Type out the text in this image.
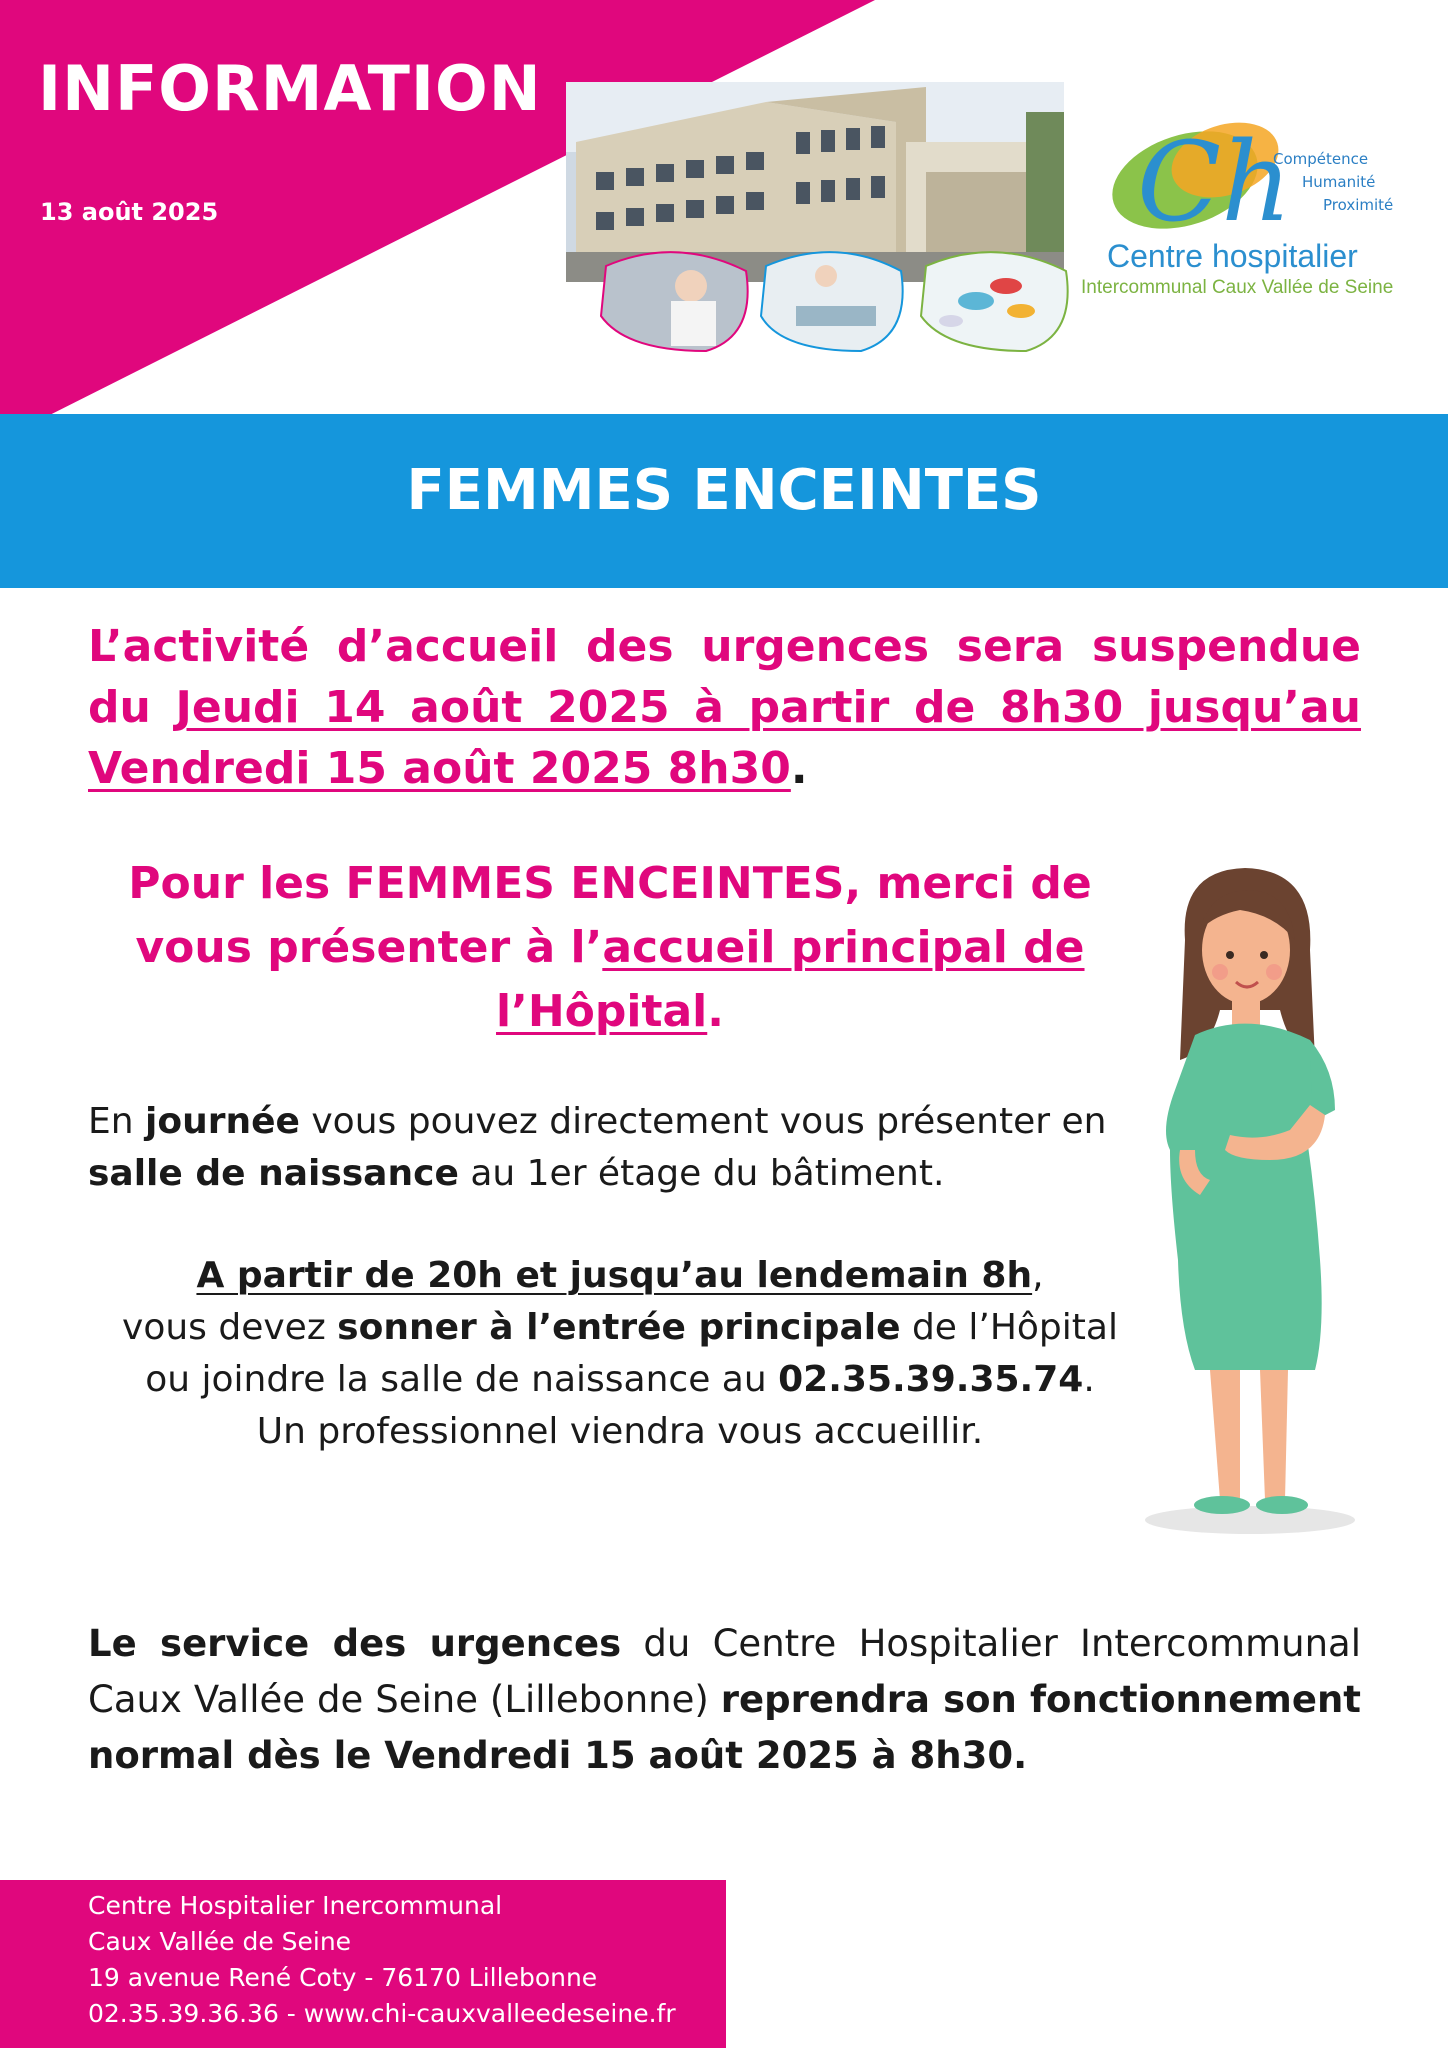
INFORMATION
13 août 2025	Ch
Compétence
Humanité
Proximité
Centre hospitalier
Intercommunal Caux Vallée de Seine
FEMMES ENCEINTES
L’activité d’accueil des urgences sera suspendue du Jeudi 14 août 2025 à partir de 8h30 jusqu’au Vendredi 15 août 2025 8h30.
Pour les FEMMES ENCEINTES, merci de
vous présenter à l’accueil principal de
l’Hôpital.
En journée vous pouvez directement vous présenter en
salle de naissance au 1er étage du bâtiment.
A partir de 20h et jusqu’au lendemain 8h,
vous devez sonner à l’entrée principale de l’Hôpital
ou joindre la salle de naissance au 02.35.39.35.74.
Un professionnel viendra vous accueillir.
Le service des urgences du Centre Hospitalier Intercommunal Caux Vallée de Seine (Lillebonne) reprendra son fonctionnement normal dès le Vendredi 15 août 2025 à 8h30.
Centre Hospitalier Inercommunal
Caux Vallée de Seine
19 avenue René Coty - 76170 Lillebonne
02.35.39.36.36 - www.chi-cauxvalleedeseine.fr
